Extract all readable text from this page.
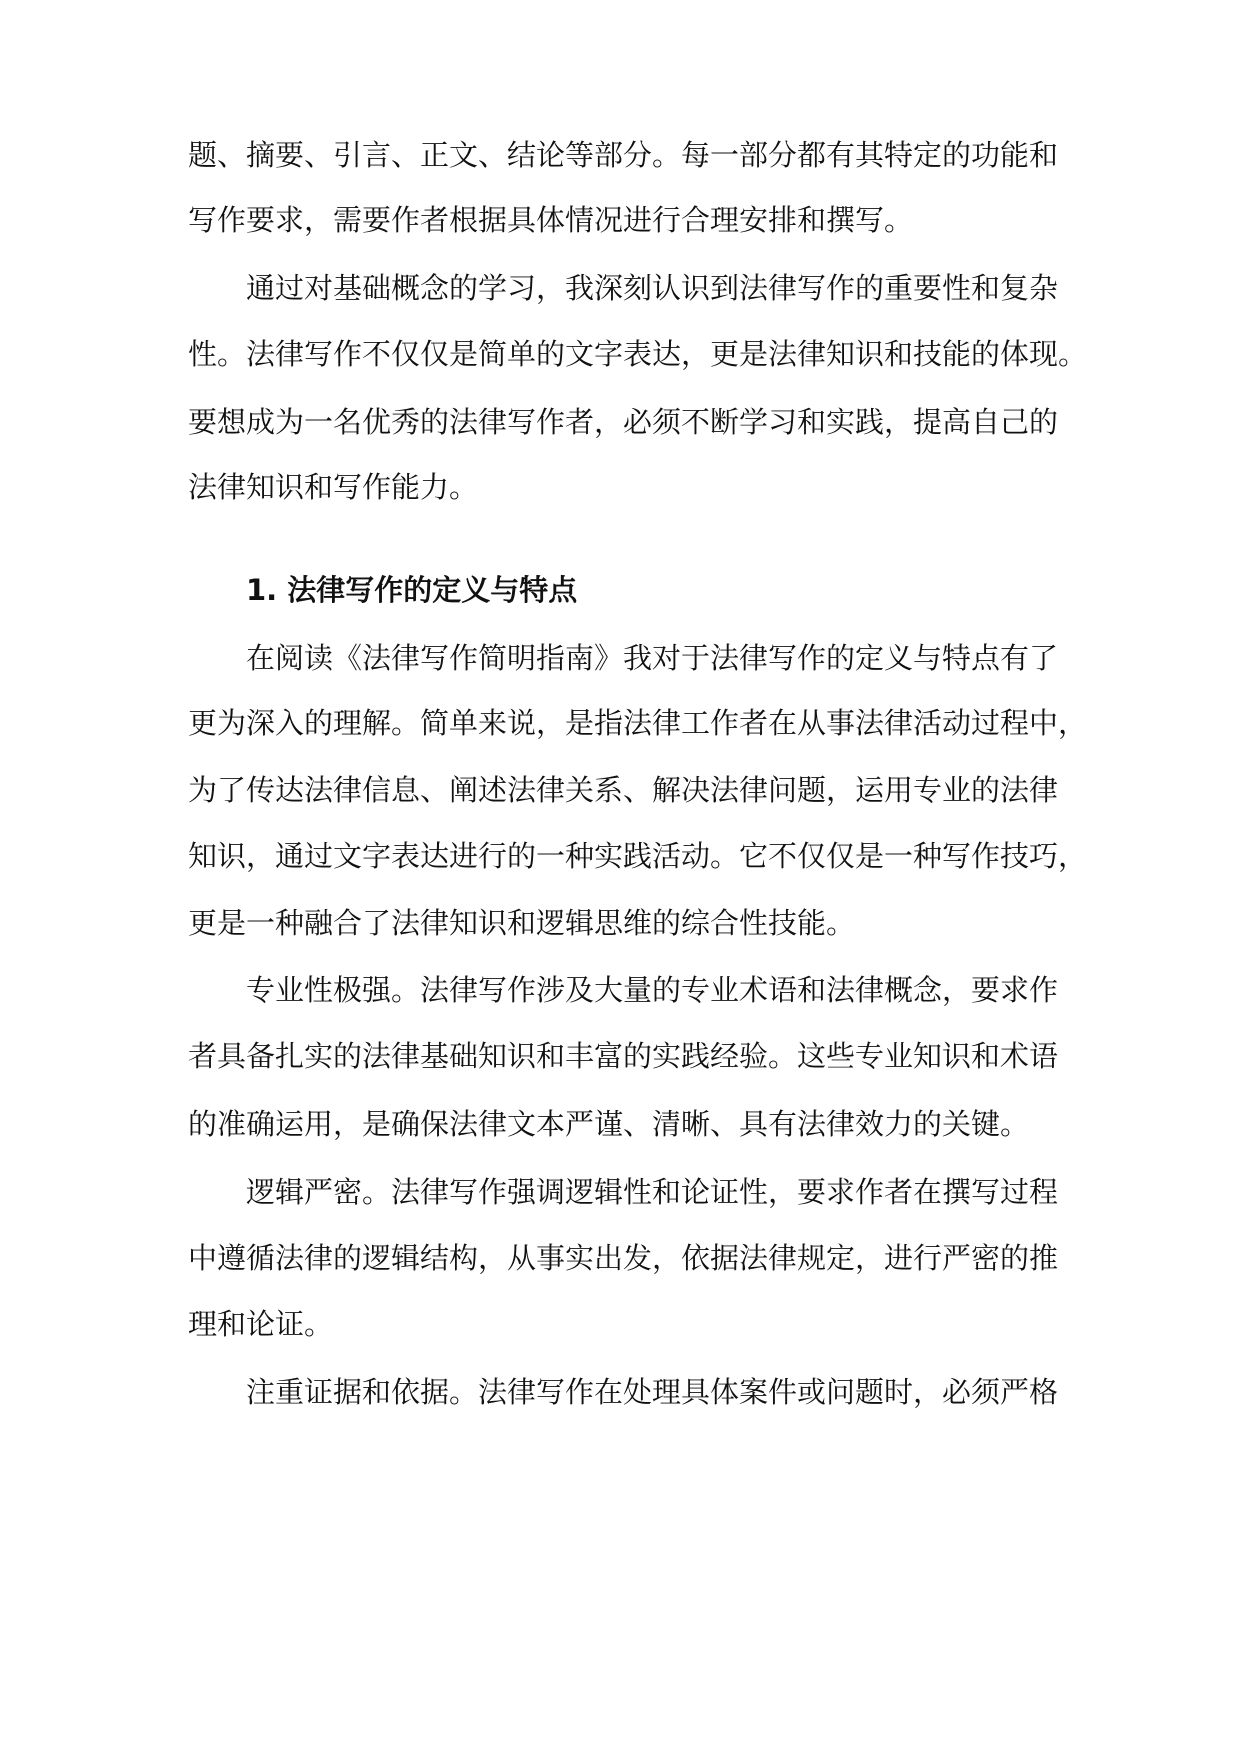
题、摘要、引言、正文、结论等部分。每一部分都有其特定的功能和
写作要求，需要作者根据具体情况进行合理安排和撰写。
通过对基础概念的学习，我深刻认识到法律写作的重要性和复杂
性。法律写作不仅仅是简单的文字表达，更是法律知识和技能的体现。
要想成为一名优秀的法律写作者，必须不断学习和实践，提高自己的
法律知识和写作能力。
1. 法律写作的定义与特点
在阅读《法律写作简明指南》我对于法律写作的定义与特点有了
更为深入的理解。简单来说，是指法律工作者在从事法律活动过程中，
为了传达法律信息、阐述法律关系、解决法律问题，运用专业的法律
知识，通过文字表达进行的一种实践活动。它不仅仅是一种写作技巧，
更是一种融合了法律知识和逻辑思维的综合性技能。
专业性极强。法律写作涉及大量的专业术语和法律概念，要求作
者具备扎实的法律基础知识和丰富的实践经验。这些专业知识和术语
的准确运用，是确保法律文本严谨、清晰、具有法律效力的关键。
逻辑严密。法律写作强调逻辑性和论证性，要求作者在撰写过程
中遵循法律的逻辑结构，从事实出发，依据法律规定，进行严密的推
理和论证。
注重证据和依据。法律写作在处理具体案件或问题时，必须严格
